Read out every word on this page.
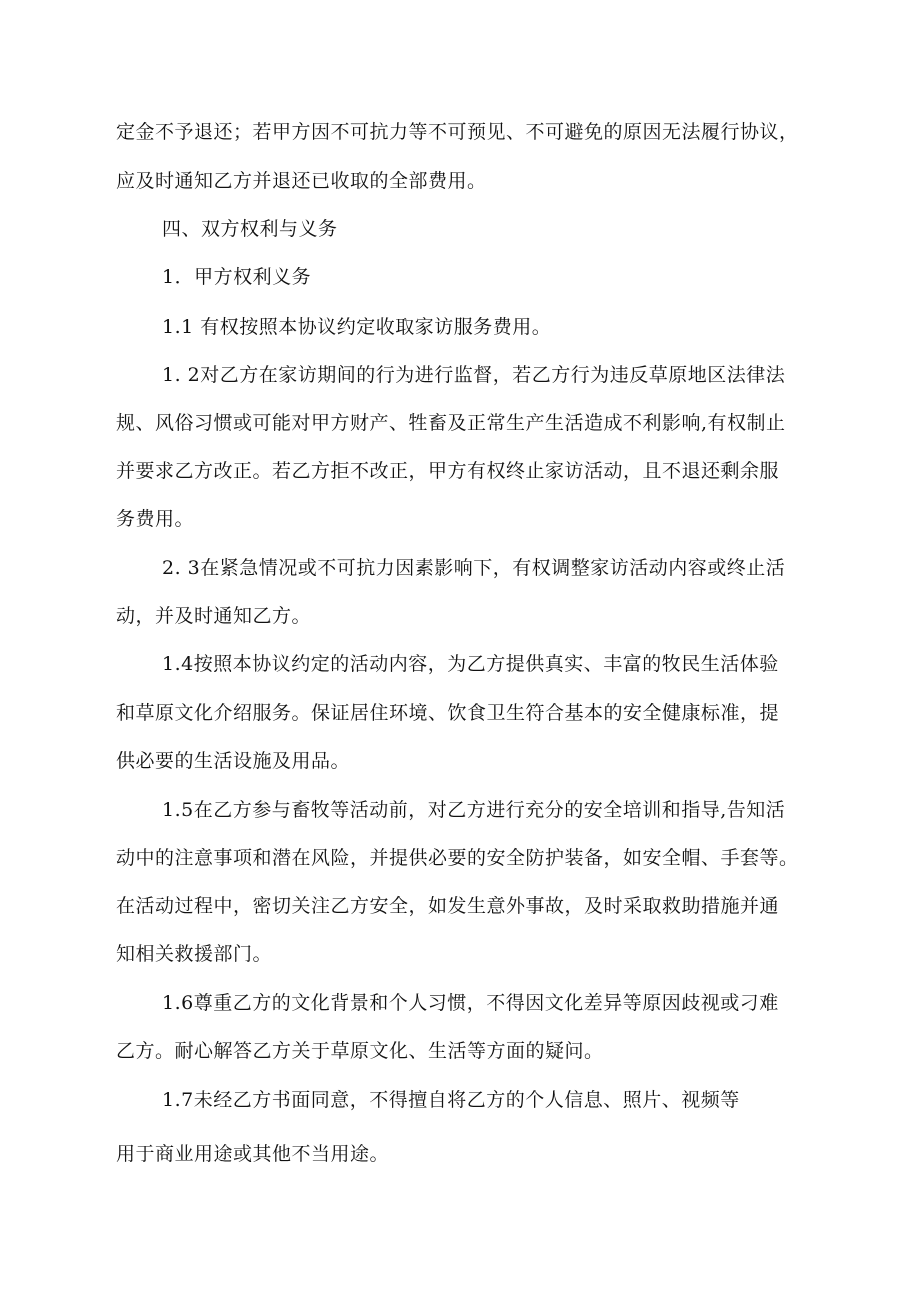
定金不予退还；若甲方因不可抗力等不可预见、不可避免的原因无法履行协议，
应及时通知乙方并退还已收取的全部费用。
四、双方权利与义务
1．甲方权利义务
1.1 有权按照本协议约定收取家访服务费用。
1. 2对乙方在家访期间的行为进行监督，若乙方行为违反草原地区法律法
规、风俗习惯或可能对甲方财产、牲畜及正常生产生活造成不利影响,有权制止
并要求乙方改正。若乙方拒不改正，甲方有权终止家访活动，且不退还剩余服
务费用。
2. 3在紧急情况或不可抗力因素影响下，有权调整家访活动内容或终止活
动，并及时通知乙方。
1.4按照本协议约定的活动内容，为乙方提供真实、丰富的牧民生活体验
和草原文化介绍服务。保证居住环境、饮食卫生符合基本的安全健康标准，提
供必要的生活设施及用品。
1.5在乙方参与畜牧等活动前，对乙方进行充分的安全培训和指导,告知活
动中的注意事项和潜在风险，并提供必要的安全防护装备，如安全帽、手套等。
在活动过程中，密切关注乙方安全，如发生意外事故，及时采取救助措施并通
知相关救援部门。
1.6尊重乙方的文化背景和个人习惯，不得因文化差异等原因歧视或刁难
乙方。耐心解答乙方关于草原文化、生活等方面的疑问。
1.7未经乙方书面同意，不得擅自将乙方的个人信息、照片、视频等
用于商业用途或其他不当用途。
